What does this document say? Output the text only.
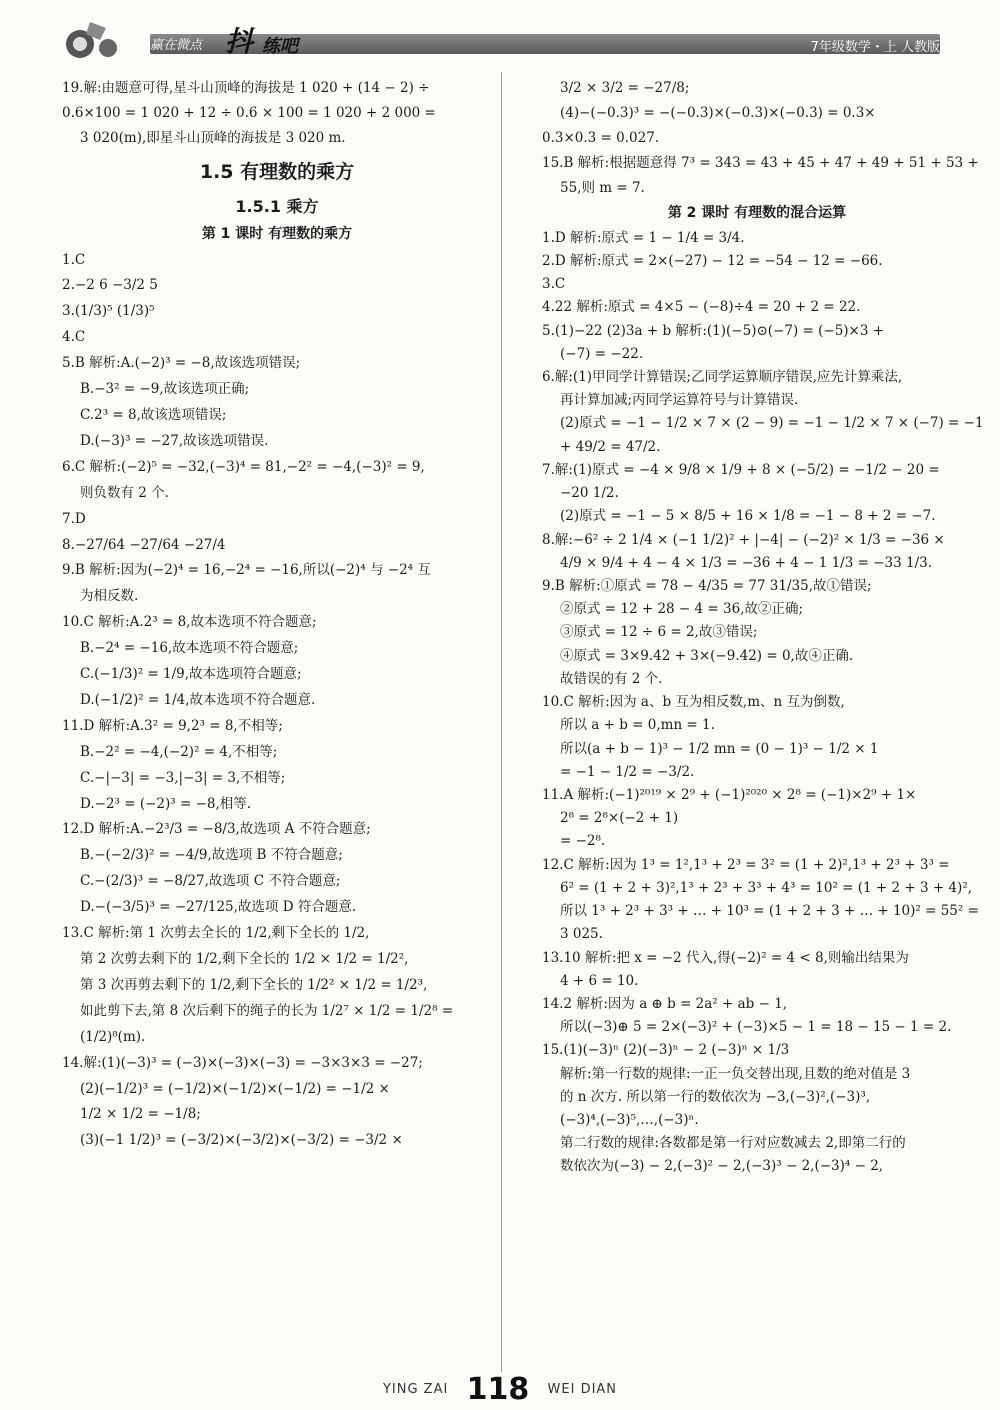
赢在微点 抖 练吧	7年级数学・上 人教版
19.解:由题意可得,星斗山顶峰的海拔是 1 020 + (14 − 2) ÷
0.6×100 = 1 020 + 12 ÷ 0.6 × 100 = 1 020 + 2 000 =
3 020(m),即星斗山顶峰的海拔是 3 020 m.
1.5 有理数的乘方
1.5.1 乘方
第 1 课时 有理数的乘方
1.C
2.−2 6 −3/2 5
3.(1/3)⁵ (1/3)⁵
4.C
5.B 解析:A.(−2)³ = −8,故该选项错误;
B.−3² = −9,故该选项正确;
C.2³ = 8,故该选项错误;
D.(−3)³ = −27,故该选项错误.
6.C 解析:(−2)⁵ = −32,(−3)⁴ = 81,−2² = −4,(−3)² = 9,
则负数有 2 个.
7.D
8.−27/64 −27/64 −27/4
9.B 解析:因为(−2)⁴ = 16,−2⁴ = −16,所以(−2)⁴ 与 −2⁴ 互
为相反数.
10.C 解析:A.2³ = 8,故本选项不符合题意;
B.−2⁴ = −16,故本选项不符合题意;
C.(−1/3)² = 1/9,故本选项符合题意;
D.(−1/2)² = 1/4,故本选项不符合题意.
11.D 解析:A.3² = 9,2³ = 8,不相等;
B.−2² = −4,(−2)² = 4,不相等;
C.−|−3| = −3,|−3| = 3,不相等;
D.−2³ = (−2)³ = −8,相等.
12.D 解析:A.−2³/3 = −8/3,故选项 A 不符合题意;
B.−(−2/3)² = −4/9,故选项 B 不符合题意;
C.−(2/3)³ = −8/27,故选项 C 不符合题意;
D.−(−3/5)³ = −27/125,故选项 D 符合题意.
13.C 解析:第 1 次剪去全长的 1/2,剩下全长的 1/2,
第 2 次剪去剩下的 1/2,剩下全长的 1/2 × 1/2 = 1/2²,
第 3 次再剪去剩下的 1/2,剩下全长的 1/2² × 1/2 = 1/2³,
如此剪下去,第 8 次后剩下的绳子的长为 1/2⁷ × 1/2 = 1/2⁸ =
(1/2)⁸(m).
14.解:(1)(−3)³ = (−3)×(−3)×(−3) = −3×3×3 = −27;
(2)(−1/2)³ = (−1/2)×(−1/2)×(−1/2) = −1/2 ×
1/2 × 1/2 = −1/8;
(3)(−1 1/2)³ = (−3/2)×(−3/2)×(−3/2) = −3/2 ×
3/2 × 3/2 = −27/8;
(4)−(−0.3)³ = −(−0.3)×(−0.3)×(−0.3) = 0.3×
0.3×0.3 = 0.027.
15.B 解析:根据题意得 7³ = 343 = 43 + 45 + 47 + 49 + 51 + 53 +
55,则 m = 7.
第 2 课时 有理数的混合运算
1.D 解析:原式 = 1 − 1/4 = 3/4.
2.D 解析:原式 = 2×(−27) − 12 = −54 − 12 = −66.
3.C
4.22 解析:原式 = 4×5 − (−8)÷4 = 20 + 2 = 22.
5.(1)−22 (2)3a + b 解析:(1)(−5)⊙(−7) = (−5)×3 +
(−7) = −22.
6.解:(1)甲同学计算错误;乙同学运算顺序错误,应先计算乘法,
再计算加减;丙同学运算符号与计算错误.
(2)原式 = −1 − 1/2 × 7 × (2 − 9) = −1 − 1/2 × 7 × (−7) = −1
+ 49/2 = 47/2.
7.解:(1)原式 = −4 × 9/8 × 1/9 + 8 × (−5/2) = −1/2 − 20 =
−20 1/2.
(2)原式 = −1 − 5 × 8/5 + 16 × 1/8 = −1 − 8 + 2 = −7.
8.解:−6² ÷ 2 1/4 × (−1 1/2)² + |−4| − (−2)² × 1/3 = −36 ×
4/9 × 9/4 + 4 − 4 × 1/3 = −36 + 4 − 1 1/3 = −33 1/3.
9.B 解析:①原式 = 78 − 4/35 = 77 31/35,故①错误;
②原式 = 12 + 28 − 4 = 36,故②正确;
③原式 = 12 ÷ 6 = 2,故③错误;
④原式 = 3×9.42 + 3×(−9.42) = 0,故④正确.
故错误的有 2 个.
10.C 解析:因为 a、b 互为相反数,m、n 互为倒数,
所以 a + b = 0,mn = 1.
所以(a + b − 1)³ − 1/2 mn = (0 − 1)³ − 1/2 × 1
= −1 − 1/2 = −3/2.
11.A 解析:(−1)²⁰¹⁹ × 2⁹ + (−1)²⁰²⁰ × 2⁸ = (−1)×2⁹ + 1×
2⁸ = 2⁸×(−2 + 1)
= −2⁸.
12.C 解析:因为 1³ = 1²,1³ + 2³ = 3² = (1 + 2)²,1³ + 2³ + 3³ =
6² = (1 + 2 + 3)²,1³ + 2³ + 3³ + 4³ = 10² = (1 + 2 + 3 + 4)²,
所以 1³ + 2³ + 3³ + … + 10³ = (1 + 2 + 3 + … + 10)² = 55² =
3 025.
13.10 解析:把 x = −2 代入,得(−2)² = 4 < 8,则输出结果为
4 + 6 = 10.
14.2 解析:因为 a ⊕ b = 2a² + ab − 1,
所以(−3)⊕ 5 = 2×(−3)² + (−3)×5 − 1 = 18 − 15 − 1 = 2.
15.(1)(−3)ⁿ (2)(−3)ⁿ − 2 (−3)ⁿ × 1/3
解析:第一行数的规律:一正一负交替出现,且数的绝对值是 3
的 n 次方. 所以第一行的数依次为 −3,(−3)²,(−3)³,
(−3)⁴,(−3)⁵,…,(−3)ⁿ.
第二行数的规律:各数都是第一行对应数减去 2,即第二行的
数依次为(−3) − 2,(−3)² − 2,(−3)³ − 2,(−3)⁴ − 2,
YING ZAI 118 WEI DIAN
